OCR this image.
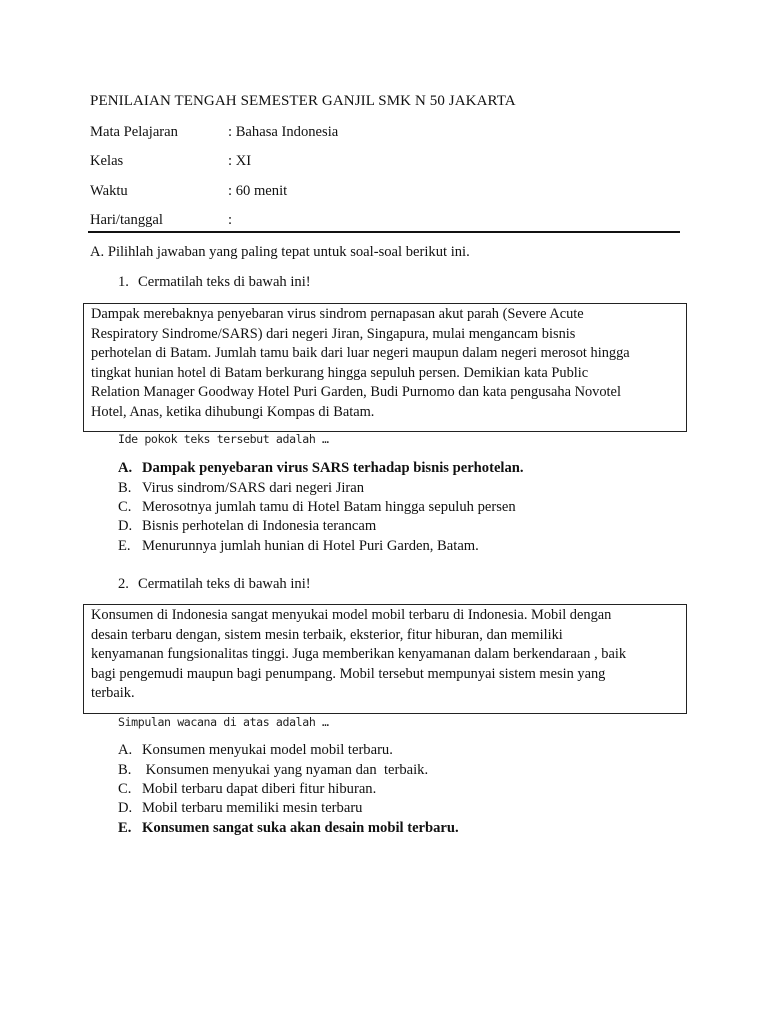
PENILAIAN TENGAH SEMESTER GANJIL SMK N 50 JAKARTA
Mata Pelajaran	: Bahasa Indonesia
Kelas	: XI
Waktu	: 60 menit
Hari/tanggal	:
A. Pilihlah jawaban yang paling tepat untuk soal-soal berikut ini.
1. Cermatilah teks di bawah ini!
Dampak merebaknya penyebaran virus sindrom pernapasan akut parah (Severe Acute
Respiratory Sindrome/SARS) dari negeri Jiran, Singapura, mulai mengancam bisnis
perhotelan di Batam. Jumlah tamu baik dari luar negeri maupun dalam negeri merosot hingga
tingkat hunian hotel di Batam berkurang hingga sepuluh persen. Demikian kata Public
Relation Manager Goodway Hotel Puri Garden, Budi Purnomo dan kata pengusaha Novotel
Hotel, Anas, ketika dihubungi Kompas di Batam.
Ide pokok teks tersebut adalah …
A. Dampak penyebaran virus SARS terhadap bisnis perhotelan.
B. Virus sindrom/SARS dari negeri Jiran
C. Merosotnya jumlah tamu di Hotel Batam hingga sepuluh persen
D. Bisnis perhotelan di Indonesia terancam
E. Menurunnya jumlah hunian di Hotel Puri Garden, Batam.
2. Cermatilah teks di bawah ini!
Konsumen di Indonesia sangat menyukai model mobil terbaru di Indonesia. Mobil dengan
desain terbaru dengan, sistem mesin terbaik, eksterior, fitur hiburan, dan memiliki
kenyamanan fungsionalitas tinggi. Juga memberikan kenyamanan dalam berkendaraan , baik
bagi pengemudi maupun bagi penumpang. Mobil tersebut mempunyai sistem mesin yang
terbaik.
Simpulan wacana di atas adalah …
A. Konsumen menyukai model mobil terbaru.
B. Konsumen menyukai yang nyaman dan  terbaik.
C. Mobil terbaru dapat diberi fitur hiburan.
D. Mobil terbaru memiliki mesin terbaru
E. Konsumen sangat suka akan desain mobil terbaru.
